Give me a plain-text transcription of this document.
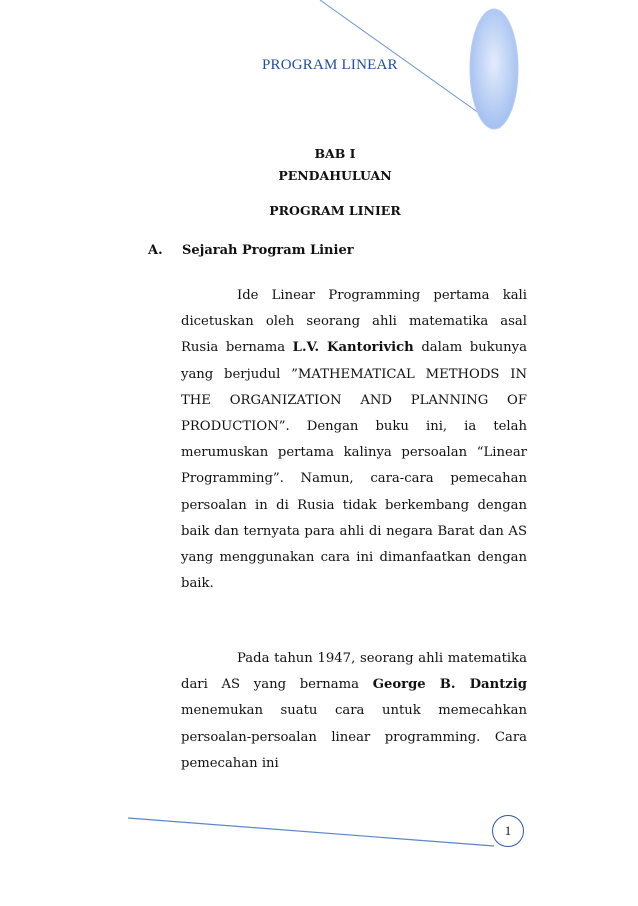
PROGRAM LINEAR
BAB I
PENDAHULUAN
PROGRAM LINIER
A. Sejarah Program Linier
Ide Linear Programming pertama kali dicetuskan oleh seorang ahli matematika asal Rusia bernama L.V. Kantorivich dalam bukunya yang berjudul ”MATHEMATICAL METHODS IN THE ORGANIZATION AND PLANNING OF PRODUCTION”. Dengan buku ini, ia telah merumuskan pertama kalinya persoalan “Linear Programming”. Namun, cara-cara pemecahan persoalan in di Rusia tidak berkembang dengan baik dan ternyata para ahli di negara Barat dan AS yang menggunakan cara ini dimanfaatkan dengan baik.
Pada tahun 1947, seorang ahli matematika dari AS yang bernama George B. Dantzig menemukan suatu cara untuk memecahkan persoalan-persoalan linear programming. Cara pemecahan ini
1
